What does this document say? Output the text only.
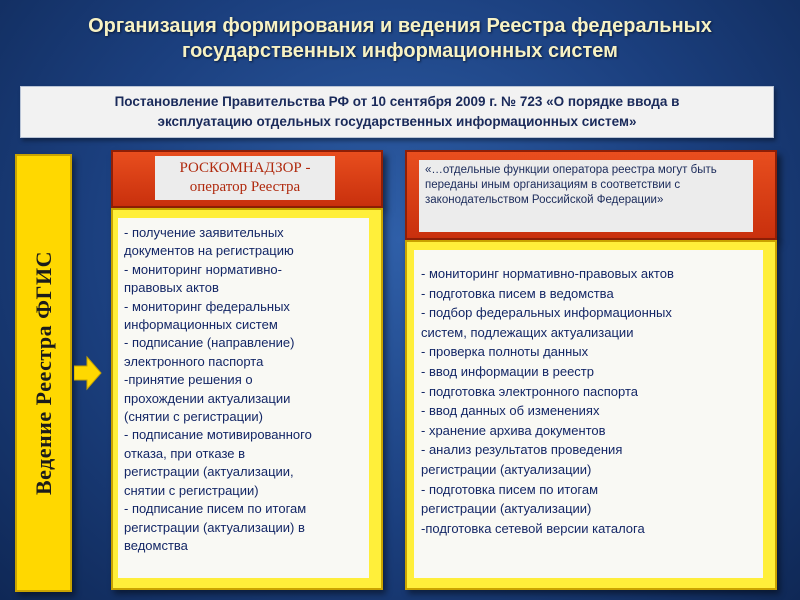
Организация формирования и ведения Реестра федеральных
государственных информационных систем
Постановление Правительства РФ от 10 сентября 2009 г. № 723 «О порядке ввода в
эксплуатацию отдельных государственных информационных систем»
Ведение Реестра ФГИС
РОСКОМНАДЗОР -
оператор Реестра
«…отдельные функции оператора реестра могут быть переданы иным организациям в соответствии с законодательством Российской Федерации»
- получение заявительных
документов на регистрацию
- мониторинг нормативно-
правовых актов
- мониторинг федеральных
информационных систем
- подписание (направление)
электронного паспорта
-принятие решения о
прохождении актуализации
(снятии с регистрации)
- подписание мотивированного
отказа, при отказе в
регистрации (актуализации,
снятии с регистрации)
- подписание писем по итогам
регистрации (актуализации) в
ведомства
- мониторинг нормативно-правовых актов
- подготовка писем в ведомства
- подбор федеральных информационных
систем, подлежащих актуализации
- проверка полноты данных
- ввод информации в реестр
- подготовка электронного паспорта
- ввод данных об изменениях
- хранение архива документов
- анализ результатов проведения
регистрации (актуализации)
- подготовка писем по итогам
регистрации (актуализации)
-подготовка сетевой версии каталога
